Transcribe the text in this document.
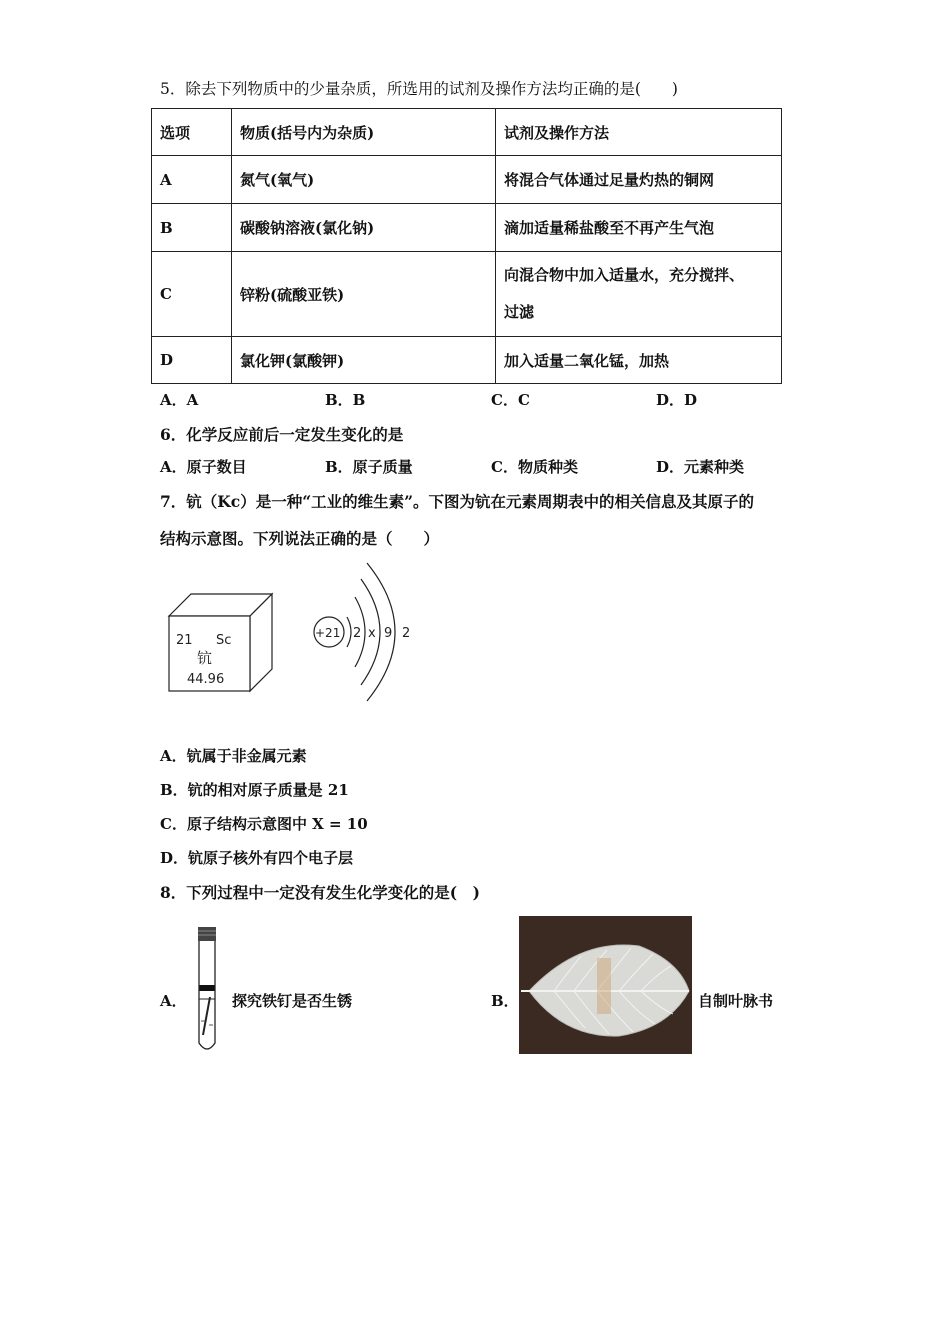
5．除去下列物质中的少量杂质，所选用的试剂及操作方法均正确的是(　　)
选项	物质(括号内为杂质)	试剂及操作方法
A	氮气(氧气)	将混合气体通过足量灼热的铜网
B	碳酸钠溶液(氯化钠)	滴加适量稀盐酸至不再产生气泡
C	锌粉(硫酸亚铁)	向混合物中加入适量水，充分搅拌、
过滤

D	氯化钾(氯酸钾)	加入适量二氧化锰，加热
A．A	B．B	C．C	D．D
6．化学反应前后一定发生变化的是
A．原子数目	B．原子质量	C．物质种类	D．元素种类
7．钪（Kc）是一种“工业的维生素”。下图为钪在元素周期表中的相关信息及其原子的
结构示意图。下列说法正确的是（　　）
21 Sc
钪
44.96
+21 2 x 9 2
A．钪属于非金属元素
B．钪的相对原子质量是 21
C．原子结构示意图中 X = 10
D．钪原子核外有四个电子层
8．下列过程中一定没有发生化学变化的是(　)
A．	探究铁钉是否生锈	B．	自制叶脉书
